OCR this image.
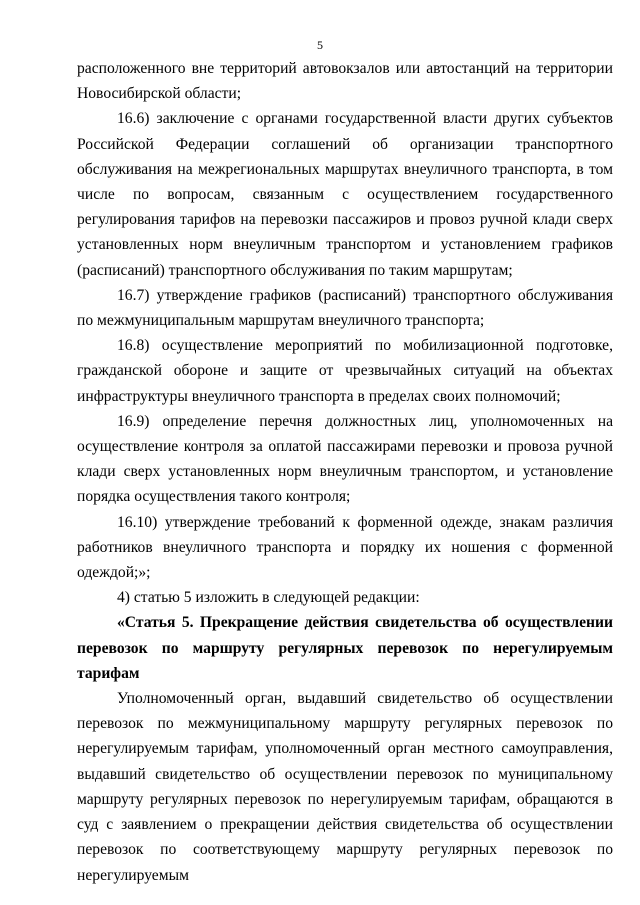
5

расположенного вне территорий автовокзалов или автостанций на территории Новосибирской области;

16.6) заключение с органами государственной власти других субъектов Российской Федерации соглашений об организации транспортного обслуживания на межрегиональных маршрутах внеуличного транспорта, в том числе по вопросам, связанным с осуществлением государственного регулирования тарифов на перевозки пассажиров и провоз ручной клади сверх установленных норм внеуличным транспортом и установлением графиков (расписаний) транспортного обслуживания по таким маршрутам;

16.7) утверждение графиков (расписаний) транспортного обслуживания по межмуниципальным маршрутам внеуличного транспорта;

16.8) осуществление мероприятий по мобилизационной подготовке, гражданской обороне и защите от чрезвычайных ситуаций на объектах инфраструктуры внеуличного транспорта в пределах своих полномочий;

16.9) определение перечня должностных лиц, уполномоченных на осуществление контроля за оплатой пассажирами перевозки и провоза ручной клади сверх установленных норм внеуличным транспортом, и установление порядка осуществления такого контроля;

16.10) утверждение требований к форменной одежде, знакам различия работников внеуличного транспорта и порядку их ношения с форменной одеждой;»;

4) статью 5 изложить в следующей редакции:

«Статья 5. Прекращение действия свидетельства об осуществлении перевозок по маршруту регулярных перевозок по нерегулируемым тарифам

Уполномоченный орган, выдавший свидетельство об осуществлении перевозок по межмуниципальному маршруту регулярных перевозок по нерегулируемым тарифам, уполномоченный орган местного самоуправления, выдавший свидетельство об осуществлении перевозок по муниципальному маршруту регулярных перевозок по нерегулируемым тарифам, обращаются в суд с заявлением о прекращении действия свидетельства об осуществлении перевозок по соответствующему маршруту регулярных перевозок по нерегулируемым
